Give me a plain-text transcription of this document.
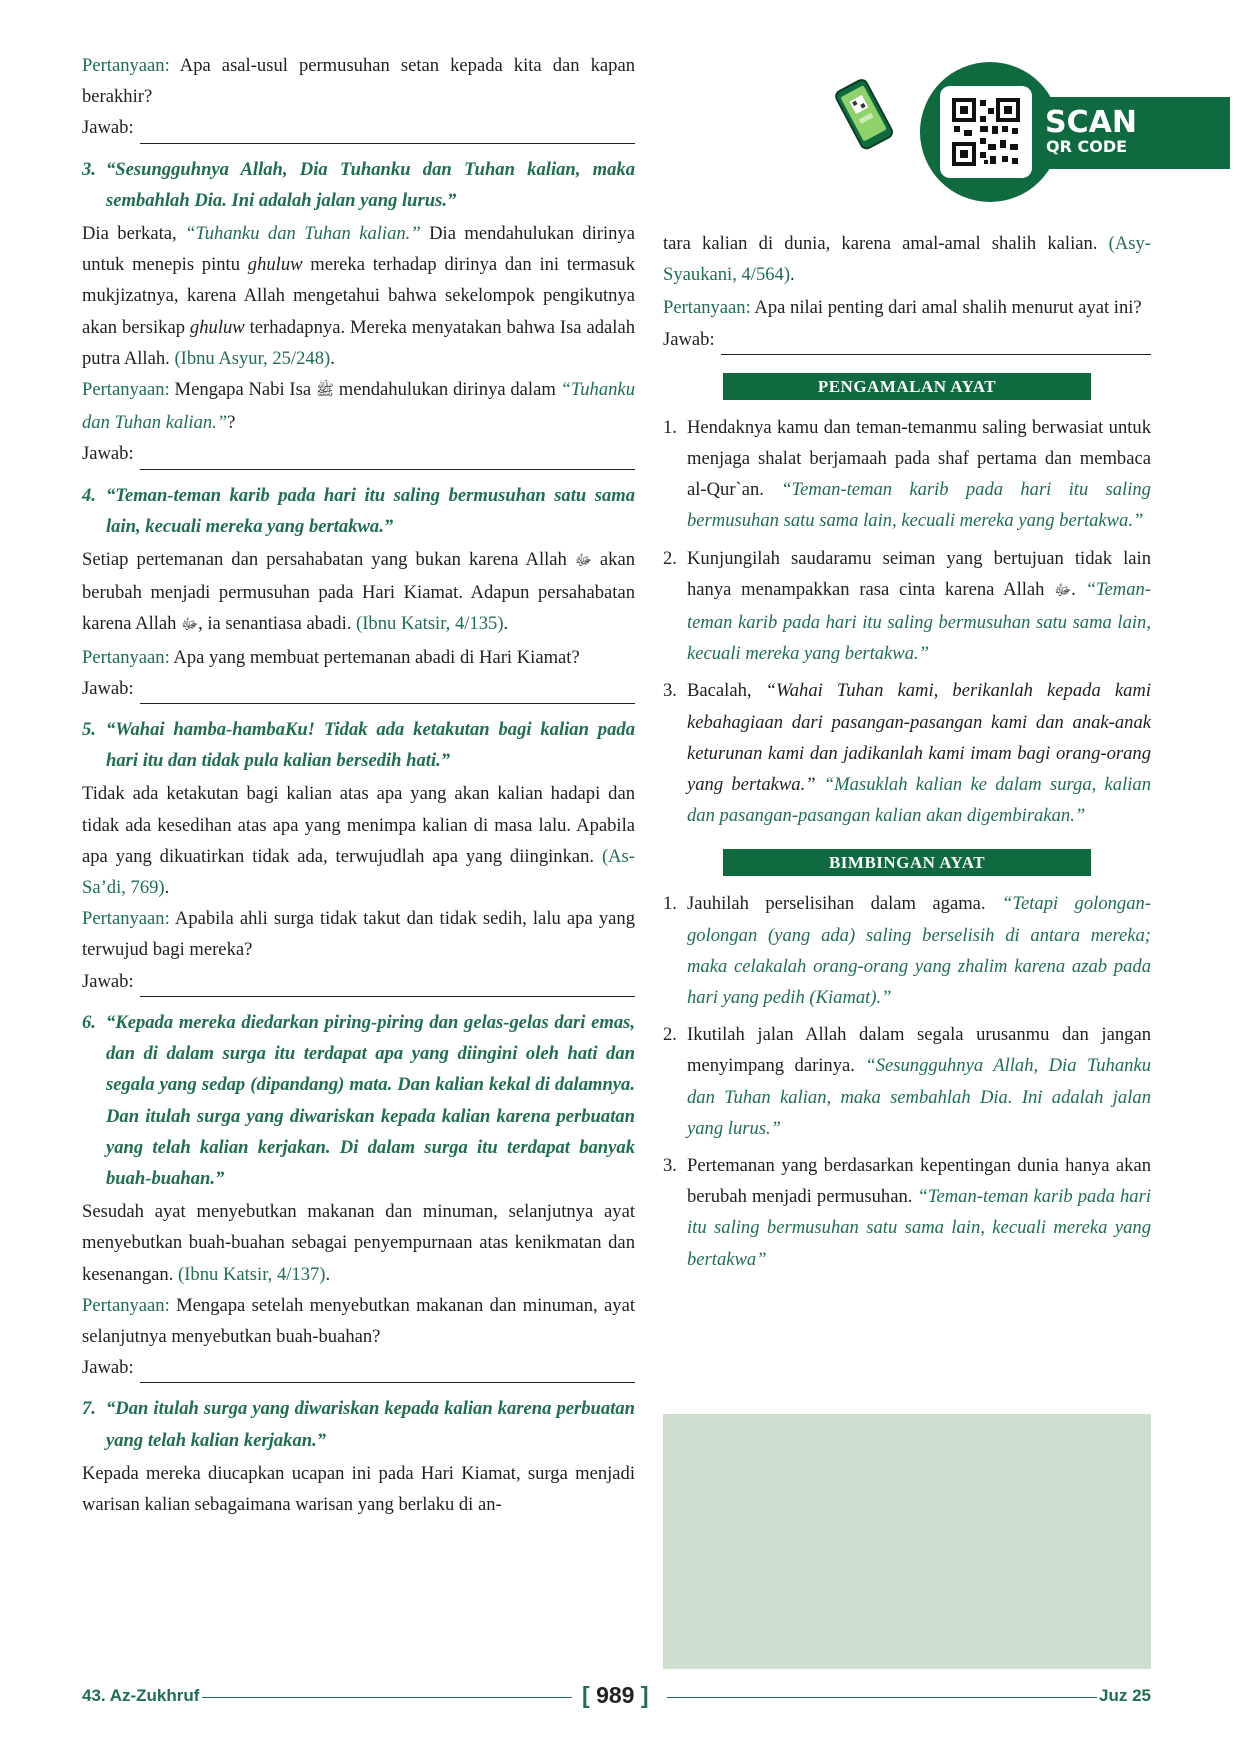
Pertanyaan: Apa asal-usul permusuhan setan kepada kita dan kapan berakhir?

Jawab:
3. “Sesungguhnya Allah, Dia Tuhanku dan Tuhan kalian, maka sembahlah Dia. Ini adalah jalan yang lurus.”

Dia berkata, “Tuhanku dan Tuhan kalian.” Dia mendahulukan dirinya untuk menepis pintu ghuluw mereka terhadap dirinya dan ini termasuk mukjizatnya, karena Allah mengetahui bahwa sekelompok pengikutnya akan bersikap ghuluw terhadapnya. Mereka menyatakan bahwa Isa adalah putra Allah. (Ibnu Asyur, 25/248).

Pertanyaan: Mengapa Nabi Isa ﷺ mendahulukan dirinya dalam “Tuhanku dan Tuhan kalian.”?

Jawab:
4. “Teman-teman karib pada hari itu saling bermusuhan satu sama lain, kecuali mereka yang bertakwa.”

Setiap pertemanan dan persahabatan yang bukan karena Allah ﷻ akan berubah menjadi permusuhan pada Hari Kiamat. Adapun persahabatan karena Allah ﷻ, ia senantiasa abadi. (Ibnu Katsir, 4/135).

Pertanyaan: Apa yang membuat pertemanan abadi di Hari Kiamat?

Jawab:
5. “Wahai hamba-hambaKu! Tidak ada ketakutan bagi kalian pada hari itu dan tidak pula kalian bersedih hati.”

Tidak ada ketakutan bagi kalian atas apa yang akan kalian hadapi dan tidak ada kesedihan atas apa yang menimpa kalian di masa lalu. Apabila apa yang dikuatirkan tidak ada, terwujudlah apa yang diinginkan. (As-Sa’di, 769).

Pertanyaan: Apabila ahli surga tidak takut dan tidak sedih, lalu apa yang terwujud bagi mereka?

Jawab:
6. “Kepada mereka diedarkan piring-piring dan gelas-gelas dari emas, dan di dalam surga itu terdapat apa yang diingini oleh hati dan segala yang sedap (dipandang) mata. Dan kalian kekal di dalamnya. Dan itulah surga yang diwariskan kepada kalian karena perbuatan yang telah kalian kerjakan. Di dalam surga itu terdapat banyak buah-buahan.”

Sesudah ayat menyebutkan makanan dan minuman, selanjutnya ayat menyebutkan buah-buahan sebagai penyempurnaan atas kenikmatan dan kesenangan. (Ibnu Katsir, 4/137).

Pertanyaan: Mengapa setelah menyebutkan makanan dan minuman, ayat selanjutnya menyebutkan buah-buahan?

Jawab:
7. “Dan itulah surga yang diwariskan kepada kalian karena perbuatan yang telah kalian kerjakan.”

Kepada mereka diucapkan ucapan ini pada Hari Kiamat, surga menjadi warisan kalian sebagaimana warisan yang berlaku di an-

SCAN
QR CODE

tara kalian di dunia, karena amal-amal shalih kalian. (Asy-Syaukani, 4/564).

Pertanyaan: Apa nilai penting dari amal shalih menurut ayat ini?

Jawab:
PENGAMALAN AYAT
1. Hendaknya kamu dan teman-temanmu saling berwasiat untuk menjaga shalat berjamaah pada shaf pertama dan membaca al-Qur`an. “Teman-teman karib pada hari itu saling bermusuhan satu sama lain, kecuali mereka yang bertakwa.”
2. Kunjungilah saudaramu seiman yang bertujuan tidak lain hanya menampakkan rasa cinta karena Allah ﷻ. “Teman-teman karib pada hari itu saling bermusuhan satu sama lain, kecuali mereka yang bertakwa.”
3. Bacalah, “Wahai Tuhan kami, berikanlah kepada kami kebahagiaan dari pasangan-pasangan kami dan anak-anak keturunan kami dan jadikanlah kami imam bagi orang-orang yang bertakwa.” “Masuklah kalian ke dalam surga, kalian dan pasangan-pasangan kalian akan digembirakan.”
BIMBINGAN AYAT
1. Jauhilah perselisihan dalam agama. “Tetapi golongan-golongan (yang ada) saling berselisih di antara mereka; maka celakalah orang-orang yang zhalim karena azab pada hari yang pedih (Kiamat).”
2. Ikutilah jalan Allah dalam segala urusanmu dan jangan menyimpang darinya. “Sesungguhnya Allah, Dia Tuhanku dan Tuhan kalian, maka sembahlah Dia. Ini adalah jalan yang lurus.”
3. Pertemanan yang berdasarkan kepentingan dunia hanya akan berubah menjadi permusuhan. “Teman-teman karib pada hari itu saling bermusuhan satu sama lain, kecuali mereka yang bertakwa”
43. Az-Zukhruf	[ 989 ]	Juz 25
